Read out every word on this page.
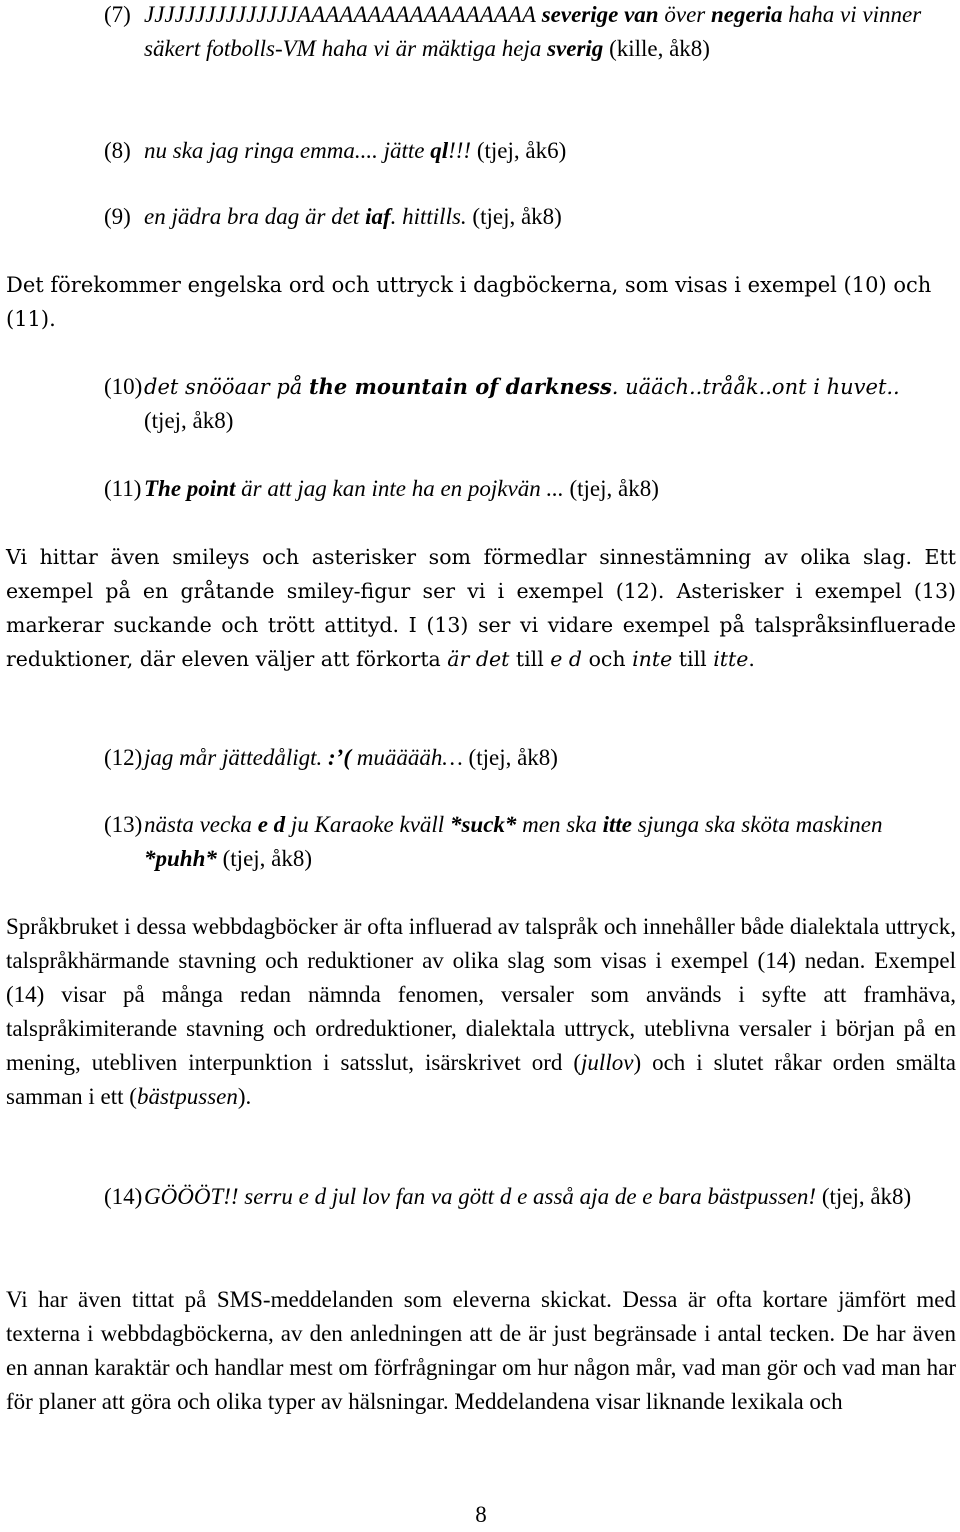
(7) JJJJJJJJJJJJJJJAAAAAAAAAAAAAAAAA severige van över negeria haha vi vinner säkert fotbolls-VM haha vi är mäktiga heja sverig (kille, åk8)
(8) nu ska jag ringa emma.... jätte ql!!! (tjej, åk6)
(9) en jädra bra dag är det iaf. hittills. (tjej, åk8)
Det förekommer engelska ord och uttryck i dagböckerna, som visas i exempel (10) och (11).
(10) det snööaar på the mountain of darkness. uääch..trååk..ont i huvet.. (tjej, åk8)
(11) The point är att jag kan inte ha en pojkvän ... (tjej, åk8)
Vi hittar även smileys och asterisker som förmedlar sinnestämning av olika slag. Ett exempel på en gråtande smiley-figur ser vi i exempel (12). Asterisker i exempel (13) markerar suckande och trött attityd. I (13) ser vi vidare exempel på talspråksinfluerade reduktioner, där eleven väljer att förkorta är det till e d och inte till itte.
(12) jag mår jättedåligt. :’( muääääh… (tjej, åk8)
(13) nästa vecka e d ju Karaoke kväll *suck* men ska itte sjunga ska sköta maskinen *puhh* (tjej, åk8)
Språkbruket i dessa webbdagböcker är ofta influerad av talspråk och innehåller både dialektala uttryck, talspråkhärmande stavning och reduktioner av olika slag som visas i exempel (14) nedan. Exempel (14) visar på många redan nämnda fenomen, versaler som används i syfte att framhäva, talspråkimiterande stavning och ordreduktioner, dialektala uttryck, uteblivna versaler i början på en mening, utebliven interpunktion i satsslut, isärskrivet ord (jullov) och i slutet råkar orden smälta samman i ett (bästpussen).
(14) GÖÖÖT!! serru e d jul lov fan va gött d e asså aja de e bara bästpussen! (tjej, åk8)
Vi har även tittat på SMS-meddelanden som eleverna skickat. Dessa är ofta kortare jämfört med texterna i webbdagböckerna, av den anledningen att de är just begränsade i antal tecken. De har även en annan karaktär och handlar mest om förfrågningar om hur någon mår, vad man gör och vad man har för planer att göra och olika typer av hälsningar. Meddelandena visar liknande lexikala och
8
